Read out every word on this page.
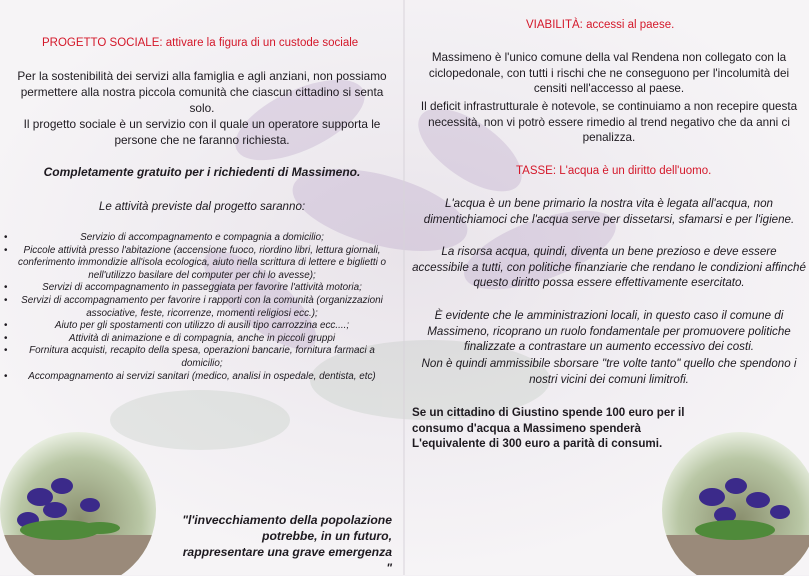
PROGETTO SOCIALE: attivare la figura di un custode sociale

Per la sostenibilità dei servizi alla famiglia e agli anziani, non possiamo permettere alla nostra piccola comunità che ciascun cittadino si senta solo.

Il progetto sociale è un servizio con il quale un operatore supporta le persone che ne faranno richiesta.

Completamente gratuito per i richiedenti di Massimeno.

Le attività previste dal progetto saranno:

•	Servizio di accompagnamento e compagnia a domicilio;
• Piccole attività presso l'abitazione (accensione fuoco, riordino libri, lettura giornali, conferimento immondizie all'isola ecologica, aiuto nella scrittura di lettere e biglietti o nell'utilizzo basilare del computer per chi lo avesse);
•	Servizi di accompagnamento in passeggiata per favorire l'attività motoria;
• Servizi di accompagnamento per favorire i rapporti con la comunità (organizzazioni associative, feste, ricorrenze, momenti religiosi ecc.);
•	Aiuto per gli spostamenti con utilizzo di ausili tipo carrozzina ecc....;
•	Attività di animazione e di compagnia, anche in piccoli gruppi
• Fornitura acquisti, recapito della spesa, operazioni bancarie, fornitura farmaci a domicilio;
• Accompagnamento ai servizi sanitari (medico, analisi in ospedale, dentista, etc)
"l'invecchiamento della popolazione potrebbe, in un futuro, rappresentare una grave emergenza "
VIABILITÀ: accessi al paese.

Massimeno è l'unico comune della val Rendena non collegato con la ciclopedonale, con tutti i rischi che ne conseguono per l'incolumità dei censiti nell'accesso al paese.

Il deficit infrastrutturale è notevole, se continuiamo a non recepire questa necessità, non vi potrò essere rimedio al trend negativo che da anni ci penalizza.

TASSE: L'acqua è un diritto dell'uomo.

L'acqua è un bene primario la nostra vita è legata all'acqua, non dimentichiamoci che l'acqua serve per dissetarsi, sfamarsi e per l'igiene.

La risorsa acqua, quindi, diventa un bene prezioso e deve essere accessibile a tutti, con politiche finanziarie che rendano le condizioni affinché questo diritto possa essere effettivamente esercitato.

È evidente che le amministrazioni locali, in questo caso il comune di Massimeno, ricoprano un ruolo fondamentale per promuovere politiche finalizzate a contrastare un aumento eccessivo dei costi.

Non è quindi ammissibile sborsare "tre volte tanto" quello che spendono i nostri vicini dei comuni limitrofi.

Se un cittadino di Giustino spende 100 euro per il consumo d'acqua a Massimeno spenderà L'equivalente di 300 euro a parità di consumi.
